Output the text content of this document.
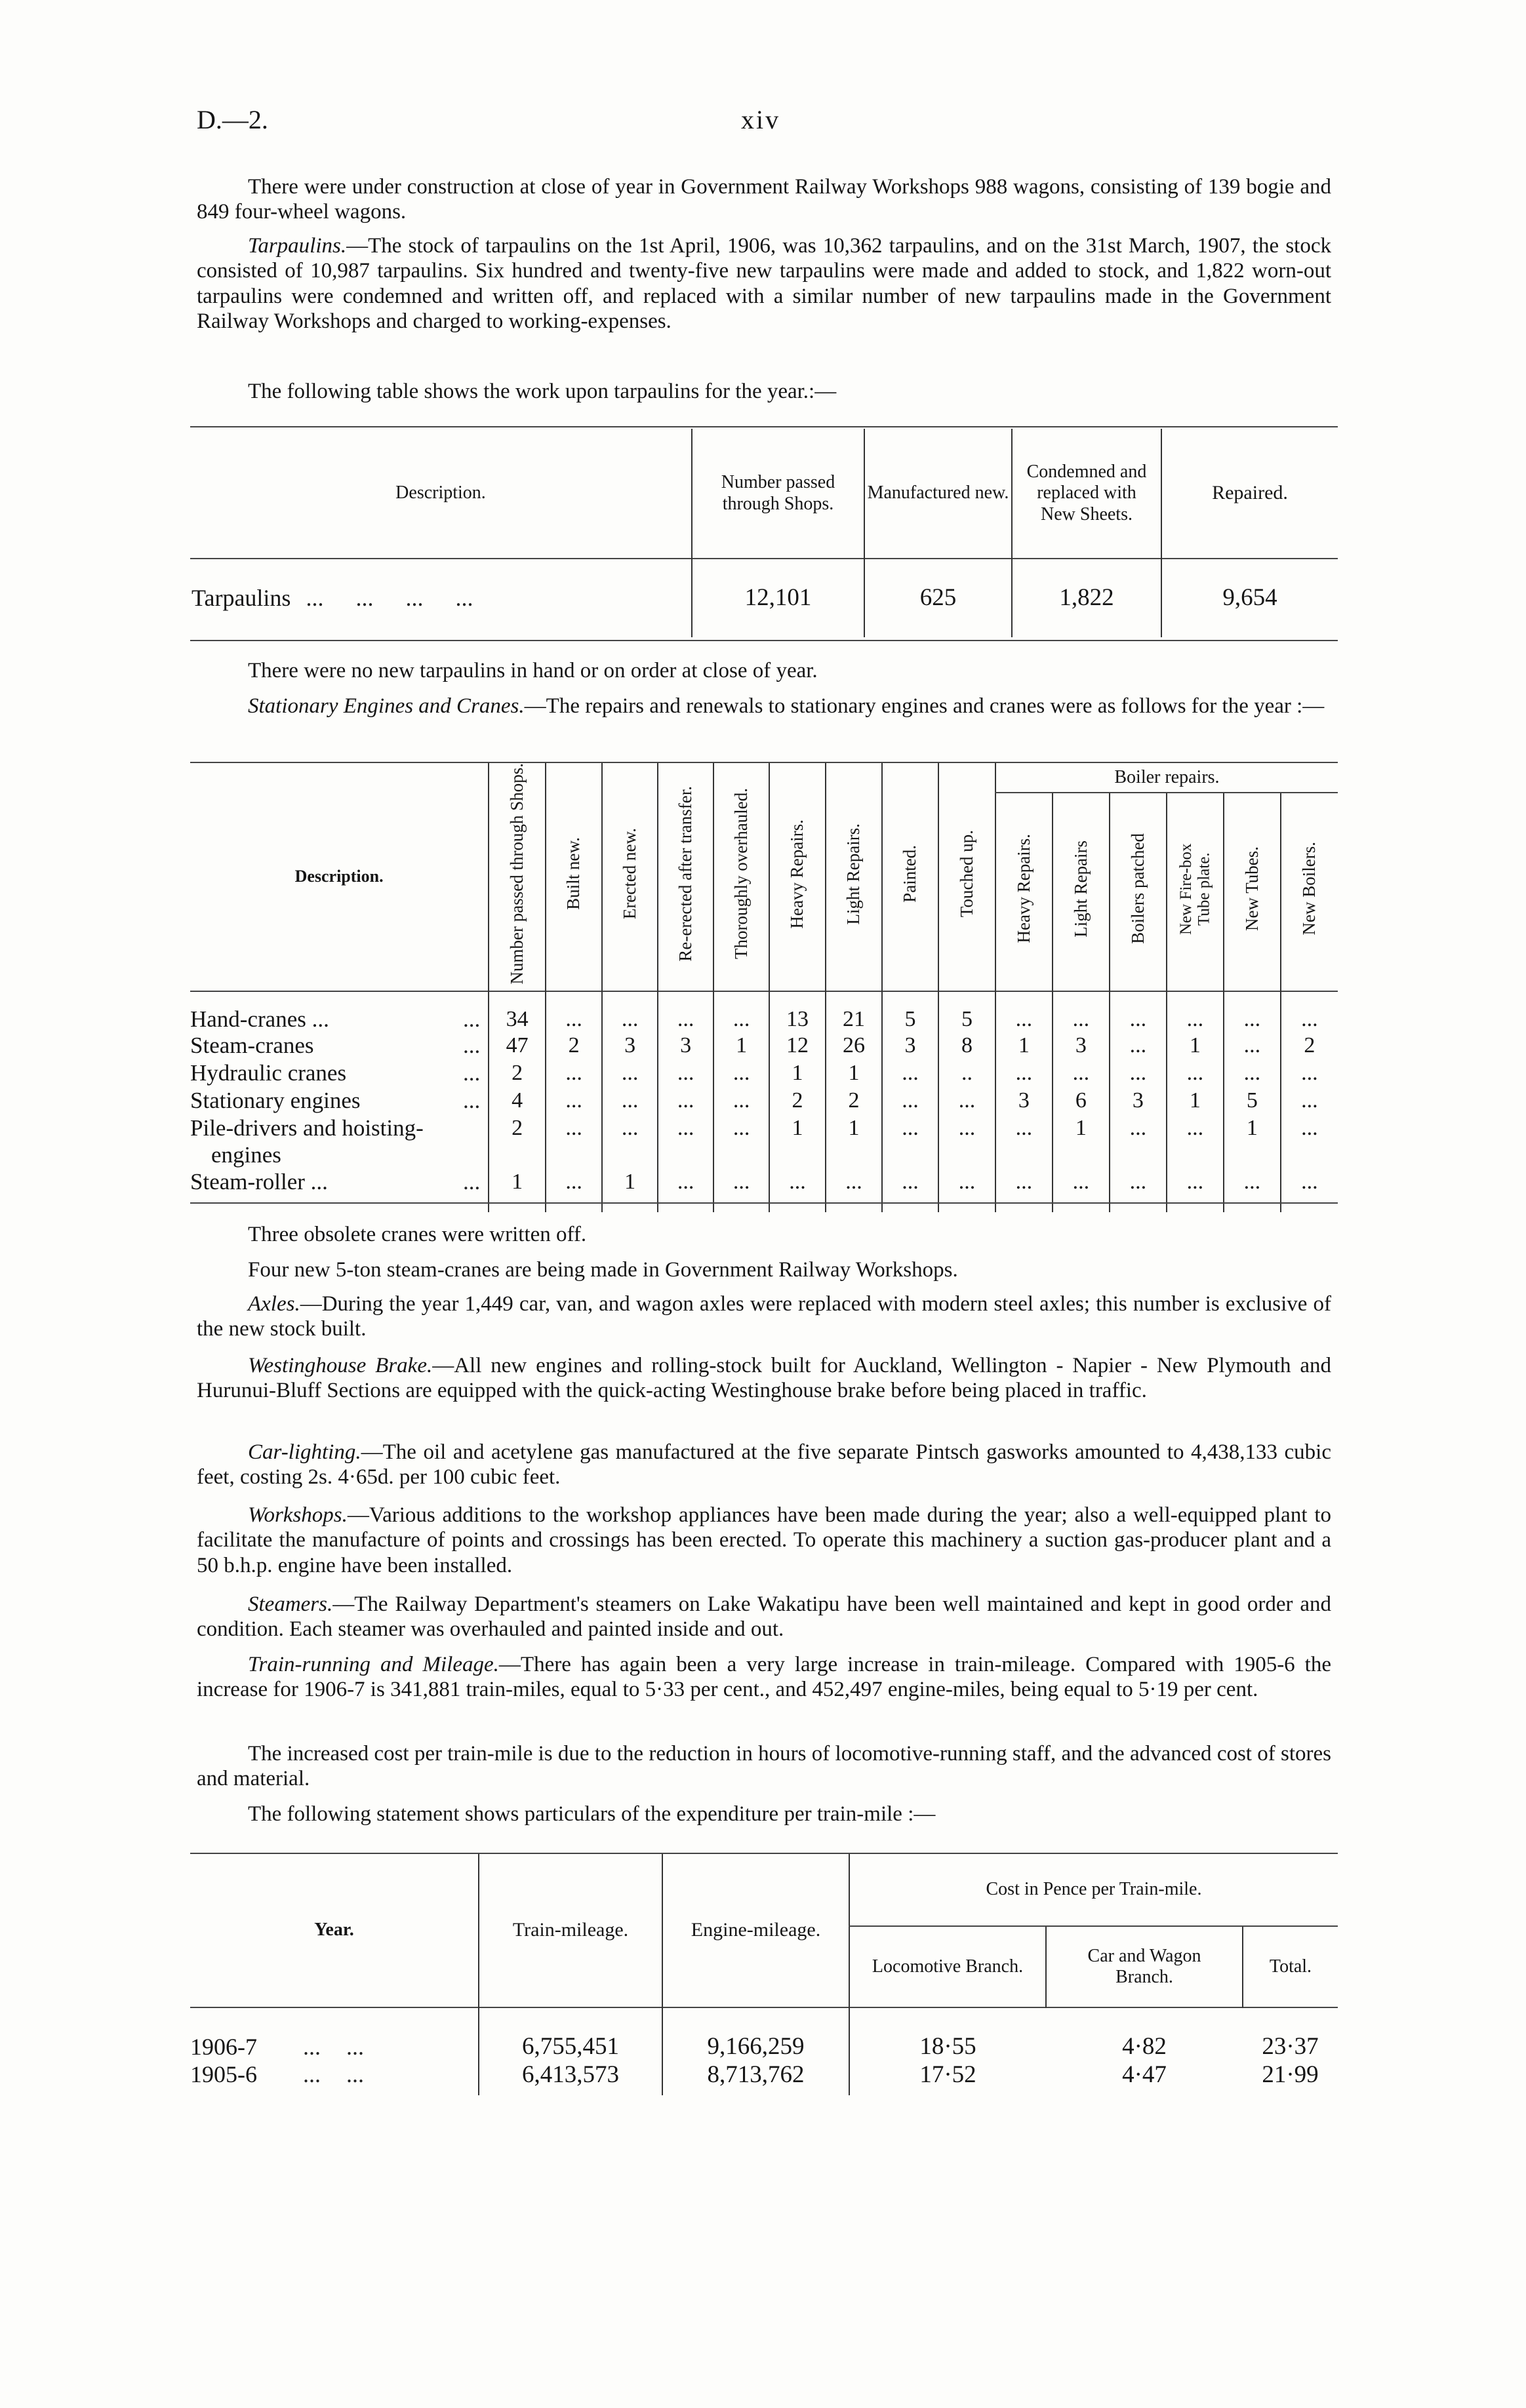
D.—2.	xiv

There were under construction at close of year in Government Railway Workshops 988 wagons, consisting of 139 bogie and 849 four-wheel wagons.

Tarpaulins.—The stock of tarpaulins on the 1st April, 1906, was 10,362 tarpaulins, and on the 31st March, 1907, the stock consisted of 10,987 tarpaulins. Six hundred and twenty-five new tarpaulins were made and added to stock, and 1,822 worn-out tarpaulins were condemned and written off, and replaced with a similar number of new tarpaulins made in the Government Railway Workshops and charged to working-expenses.

The following table shows the work upon tarpaulins for the year.:—

Description.	Number passed through Shops.	Manufactured new.	Condemned and replaced with New Sheets.	Repaired.
Tarpaulins ... ... ... ...	12,101	625	1,822	9,654

There were no new tarpaulins in hand or on order at close of year.

Stationary Engines and Cranes.—The repairs and renewals to stationary engines and cranes were as follows for the year :—

Description.	Number passed through Shops.	Built new.	Erected new.	Re-erected after transfer.	Thoroughly overhauled.	Heavy Repairs.	Light Repairs.	Painted.	Touched up.	Boiler repairs.					
										Heavy Repairs.	Light Repairs	Boilers patched	New Fire-box Tube plate.	New Tubes.	New Boilers.
Hand-cranes ... ...	34	...	...	...	...	13	21	5	5	...	...	...	...	...	...
Steam-cranes ...	47	2	3	3	1	12	26	3	8	1	3	...	1	...	2
Hydraulic cranes ...	2	...	...	...	...	1	1	...	..	...	...	...	...	...	...
Stationary engines ...	4	...	...	...	...	2	2	...	...	3	6	3	1	5	...
Pile-drivers and hoisting-
engines	2	...	...	...	...	1	1	...	...	...	1	...	...	1	...
Steam-roller ... ...	1	...	1	...	...	...	...	...	...	...	...	...	...	...	...

Three obsolete cranes were written off.

Four new 5-ton steam-cranes are being made in Government Railway Workshops.

Axles.—During the year 1,449 car, van, and wagon axles were replaced with modern steel axles; this number is exclusive of the new stock built.

Westinghouse Brake.—All new engines and rolling-stock built for Auckland, Wellington - Napier - New Plymouth and Hurunui-Bluff Sections are equipped with the quick-acting Westinghouse brake before being placed in traffic.

Car-lighting.—The oil and acetylene gas manufactured at the five separate Pintsch gasworks amounted to 4,438,133 cubic feet, costing 2s. 4·65d. per 100 cubic feet.

Workshops.—Various additions to the workshop appliances have been made during the year; also a well-equipped plant to facilitate the manufacture of points and crossings has been erected. To operate this machinery a suction gas-producer plant and a 50 b.h.p. engine have been installed.

Steamers.—The Railway Department's steamers on Lake Wakatipu have been well maintained and kept in good order and condition. Each steamer was overhauled and painted inside and out.

Train-running and Mileage.—There has again been a very large increase in train-mileage. Compared with 1905-6 the increase for 1906-7 is 341,881 train-miles, equal to 5·33 per cent., and 452,497 engine-miles, being equal to 5·19 per cent.

The increased cost per train-mile is due to the reduction in hours of locomotive-running staff, and the advanced cost of stores and material.

The following statement shows particulars of the expenditure per train-mile :—

Year.	Train-mileage.	Engine-mileage.	Cost in Pence per Train-mile.		
			Locomotive Branch.	Car and Wagon Branch.	Total.
1906-7 ... ...	6,755,451	9,166,259	18·55	4·82	23·37
1905-6 ... ...	6,413,573	8,713,762	17·52	4·47	21·99
